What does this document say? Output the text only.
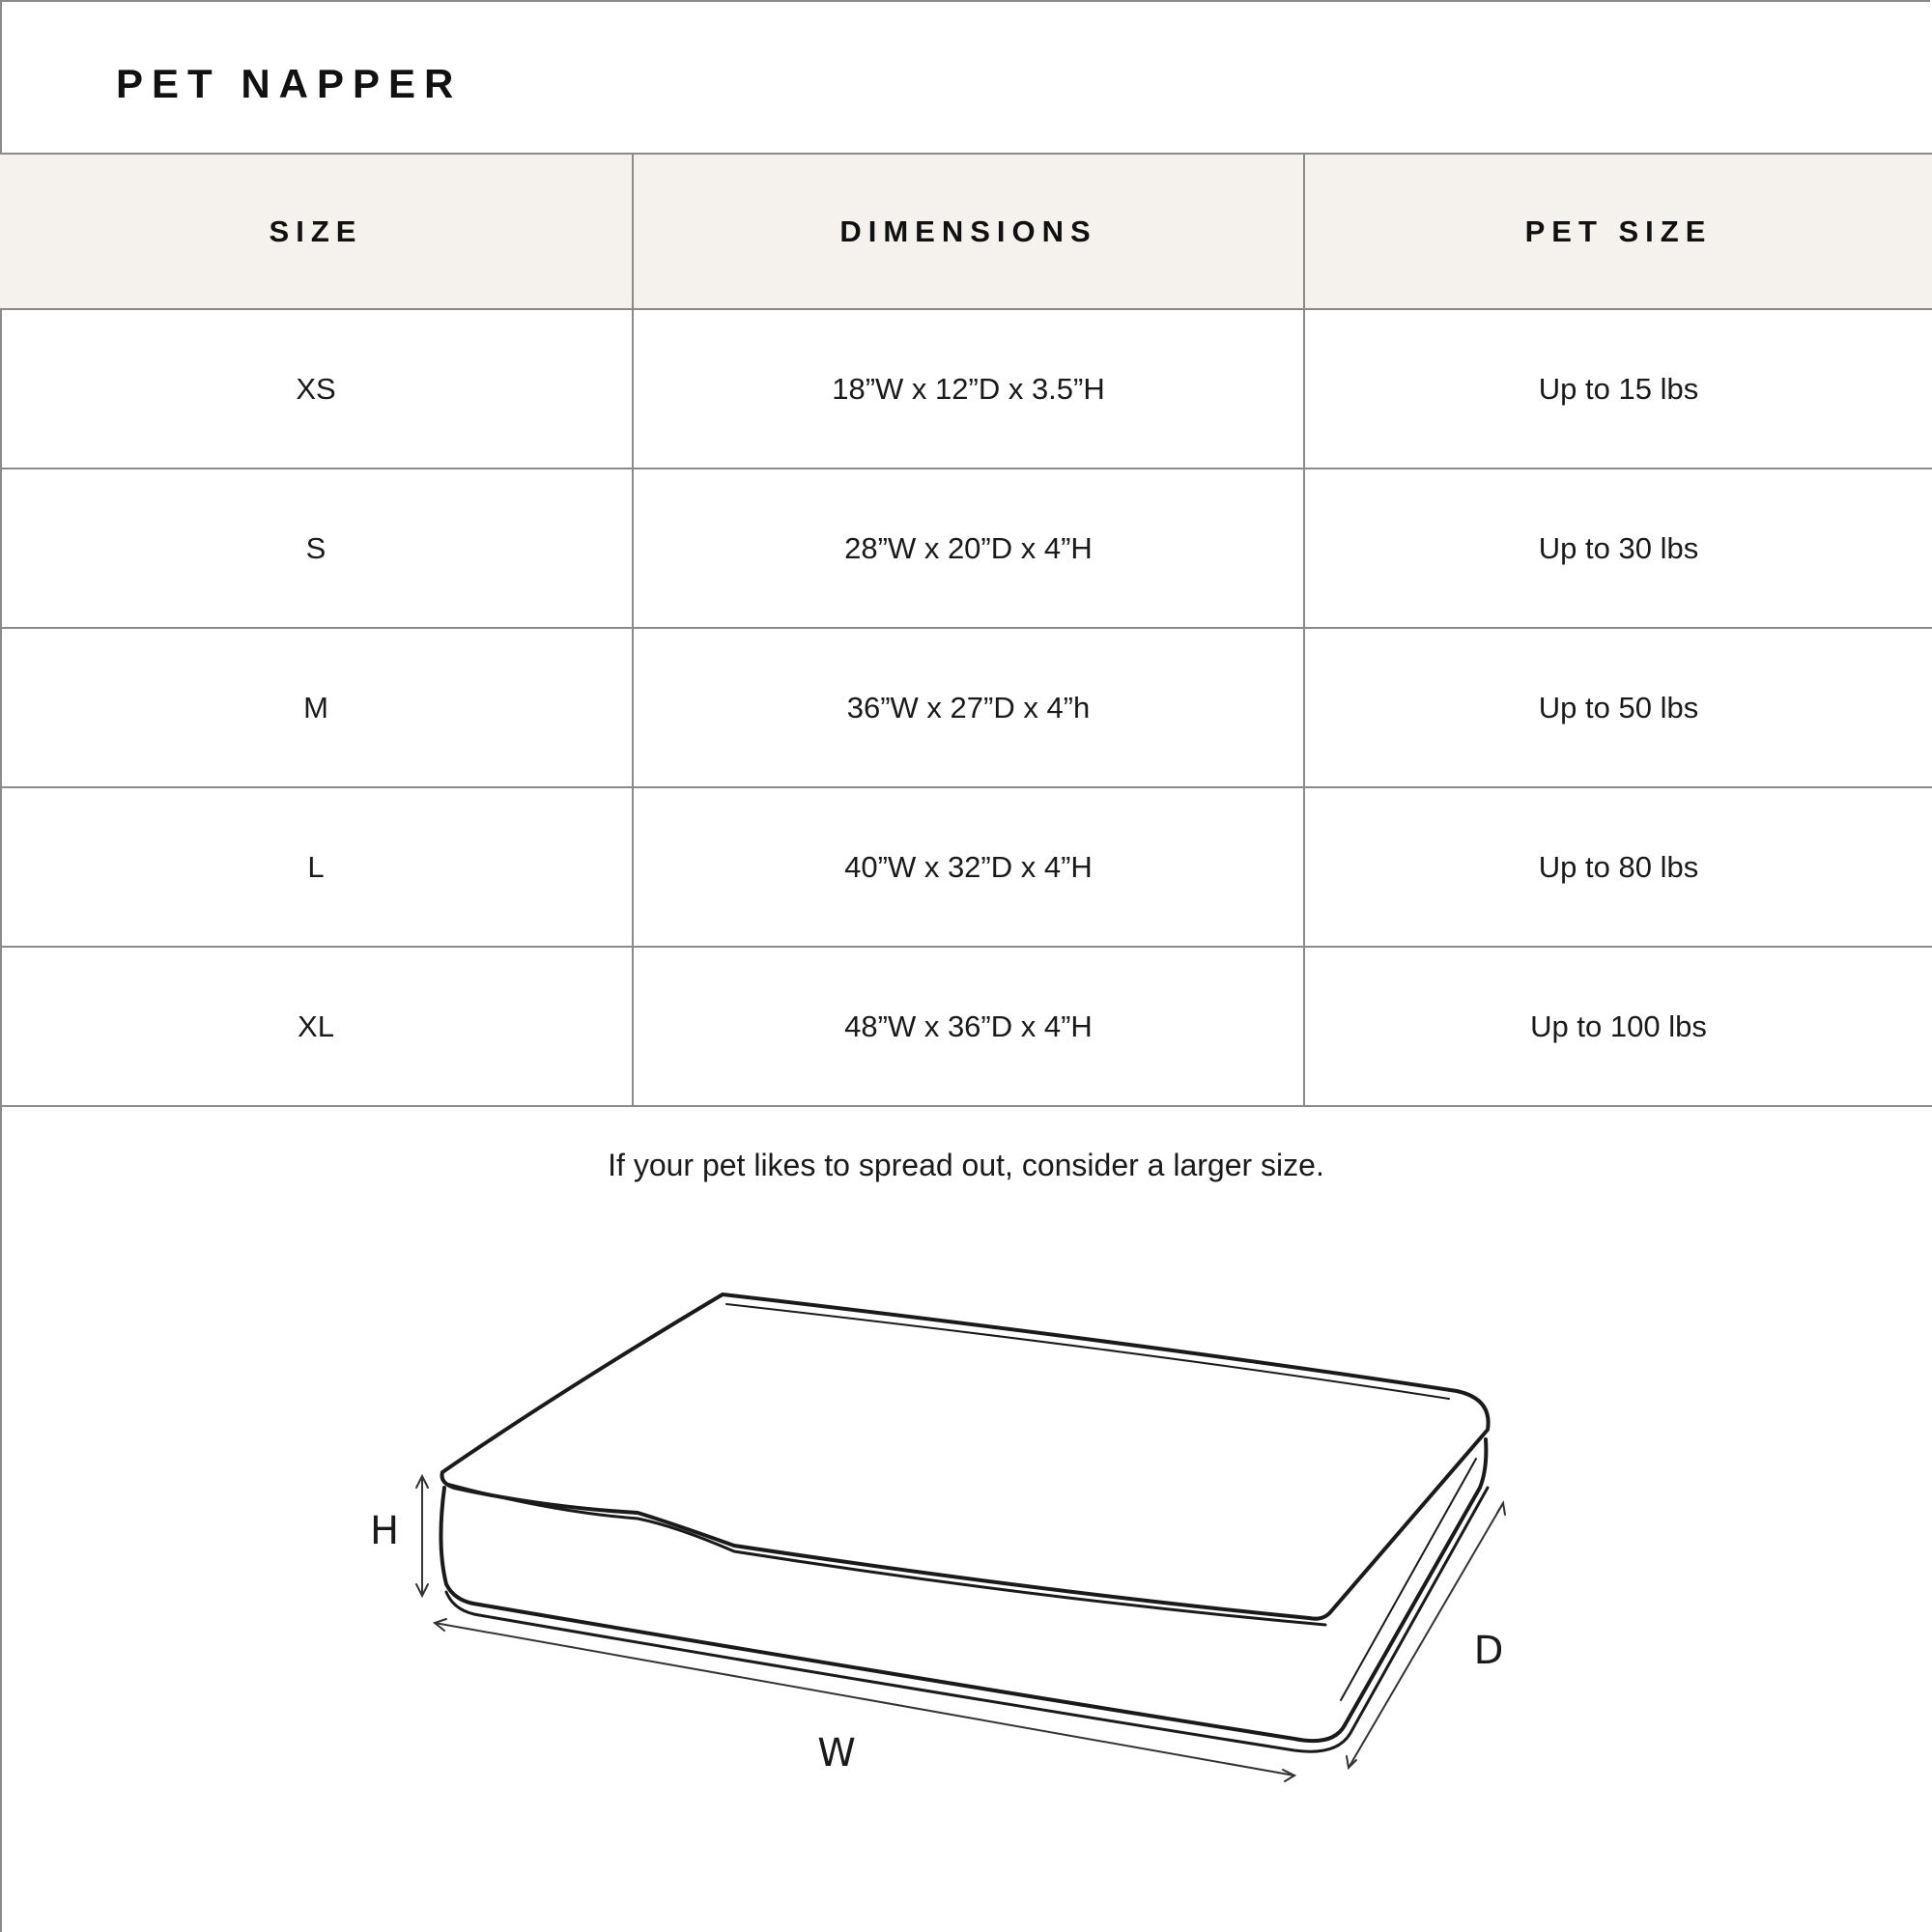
PET NAPPER
SIZE	DIMENSIONS	PET SIZE
XS	18”W x 12”D x 3.5”H	Up to 15 lbs
S	28”W x 20”D x 4”H	Up to 30 lbs
M	36”W x 27”D x 4”h	Up to 50 lbs
L	40”W x 32”D x 4”H	Up to 80 lbs
XL	48”W x 36”D x 4”H	Up to 100 lbs
If your pet likes to spread out, consider a larger size.
H
W
D
